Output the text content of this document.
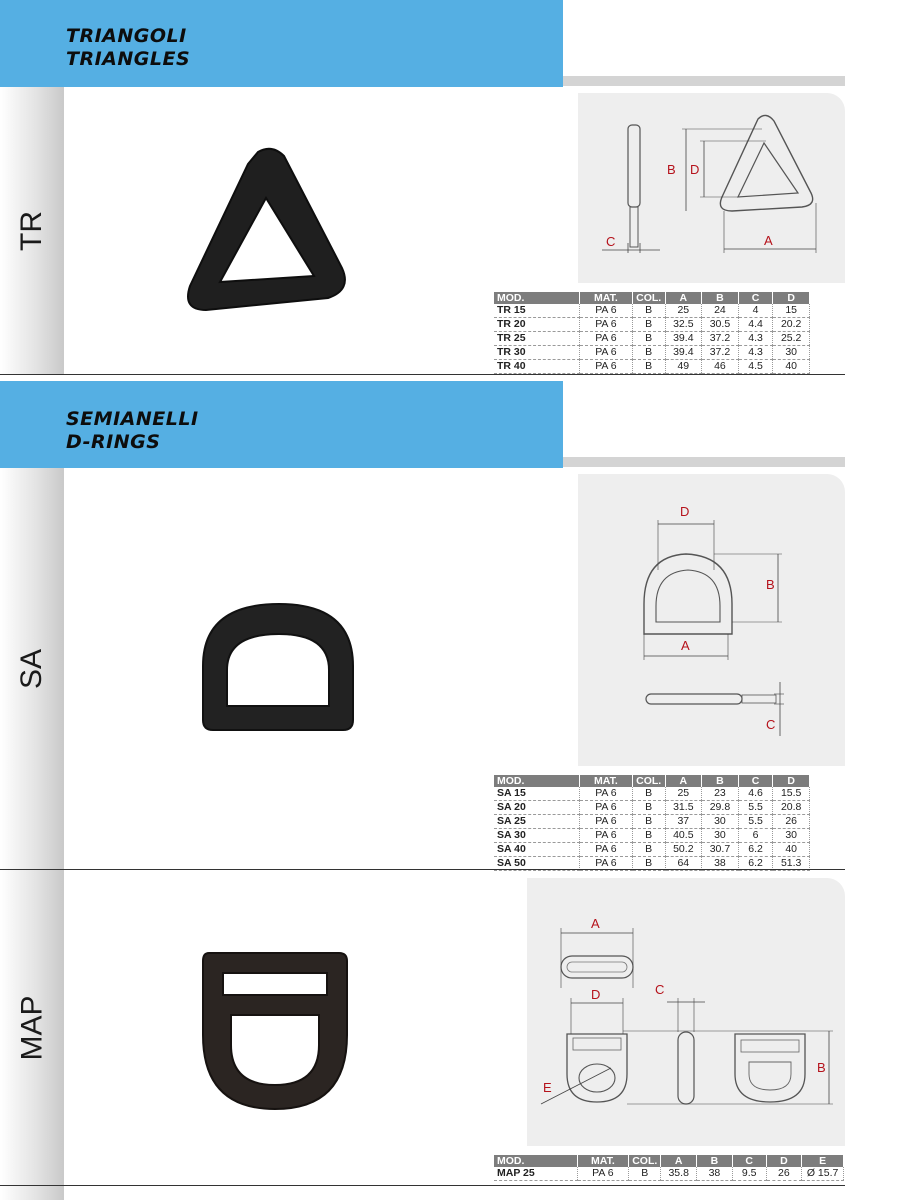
TRIANGOLI
TRIANGLES
TR	C
B D
A
MOD.	MAT.	COL.	A	B	C	D
TR 15	PA 6	B	25	24	4	15
TR 20	PA 6	B	32.5	30.5	4.4	20.2
TR 25	PA 6	B	39.4	37.2	4.3	25.2
TR 30	PA 6	B	39.4	37.2	4.3	30
TR 40	PA 6	B	49	46	4.5	40
SEMIANELLI
D-RINGS
SA
D
B
A
C
MOD.	MAT.	COL.	A	B	C	D
SA 15	PA 6	B	25	23	4.6	15.5
SA 20	PA 6	B	31.5	29.8	5.5	20.8
SA 25	PA 6	B	37	30	5.5	26
SA 30	PA 6	B	40.5	30	6	30
SA 40	PA 6	B	50.2	30.7	6.2	40
SA 50	PA 6	B	64	38	6.2	51.3
MAP
A
D
E
C
B
MOD.	MAT.	COL.	A	B	C	D	E
MAP 25	PA 6	B	35.8	38	9.5	26	Ø 15.7
